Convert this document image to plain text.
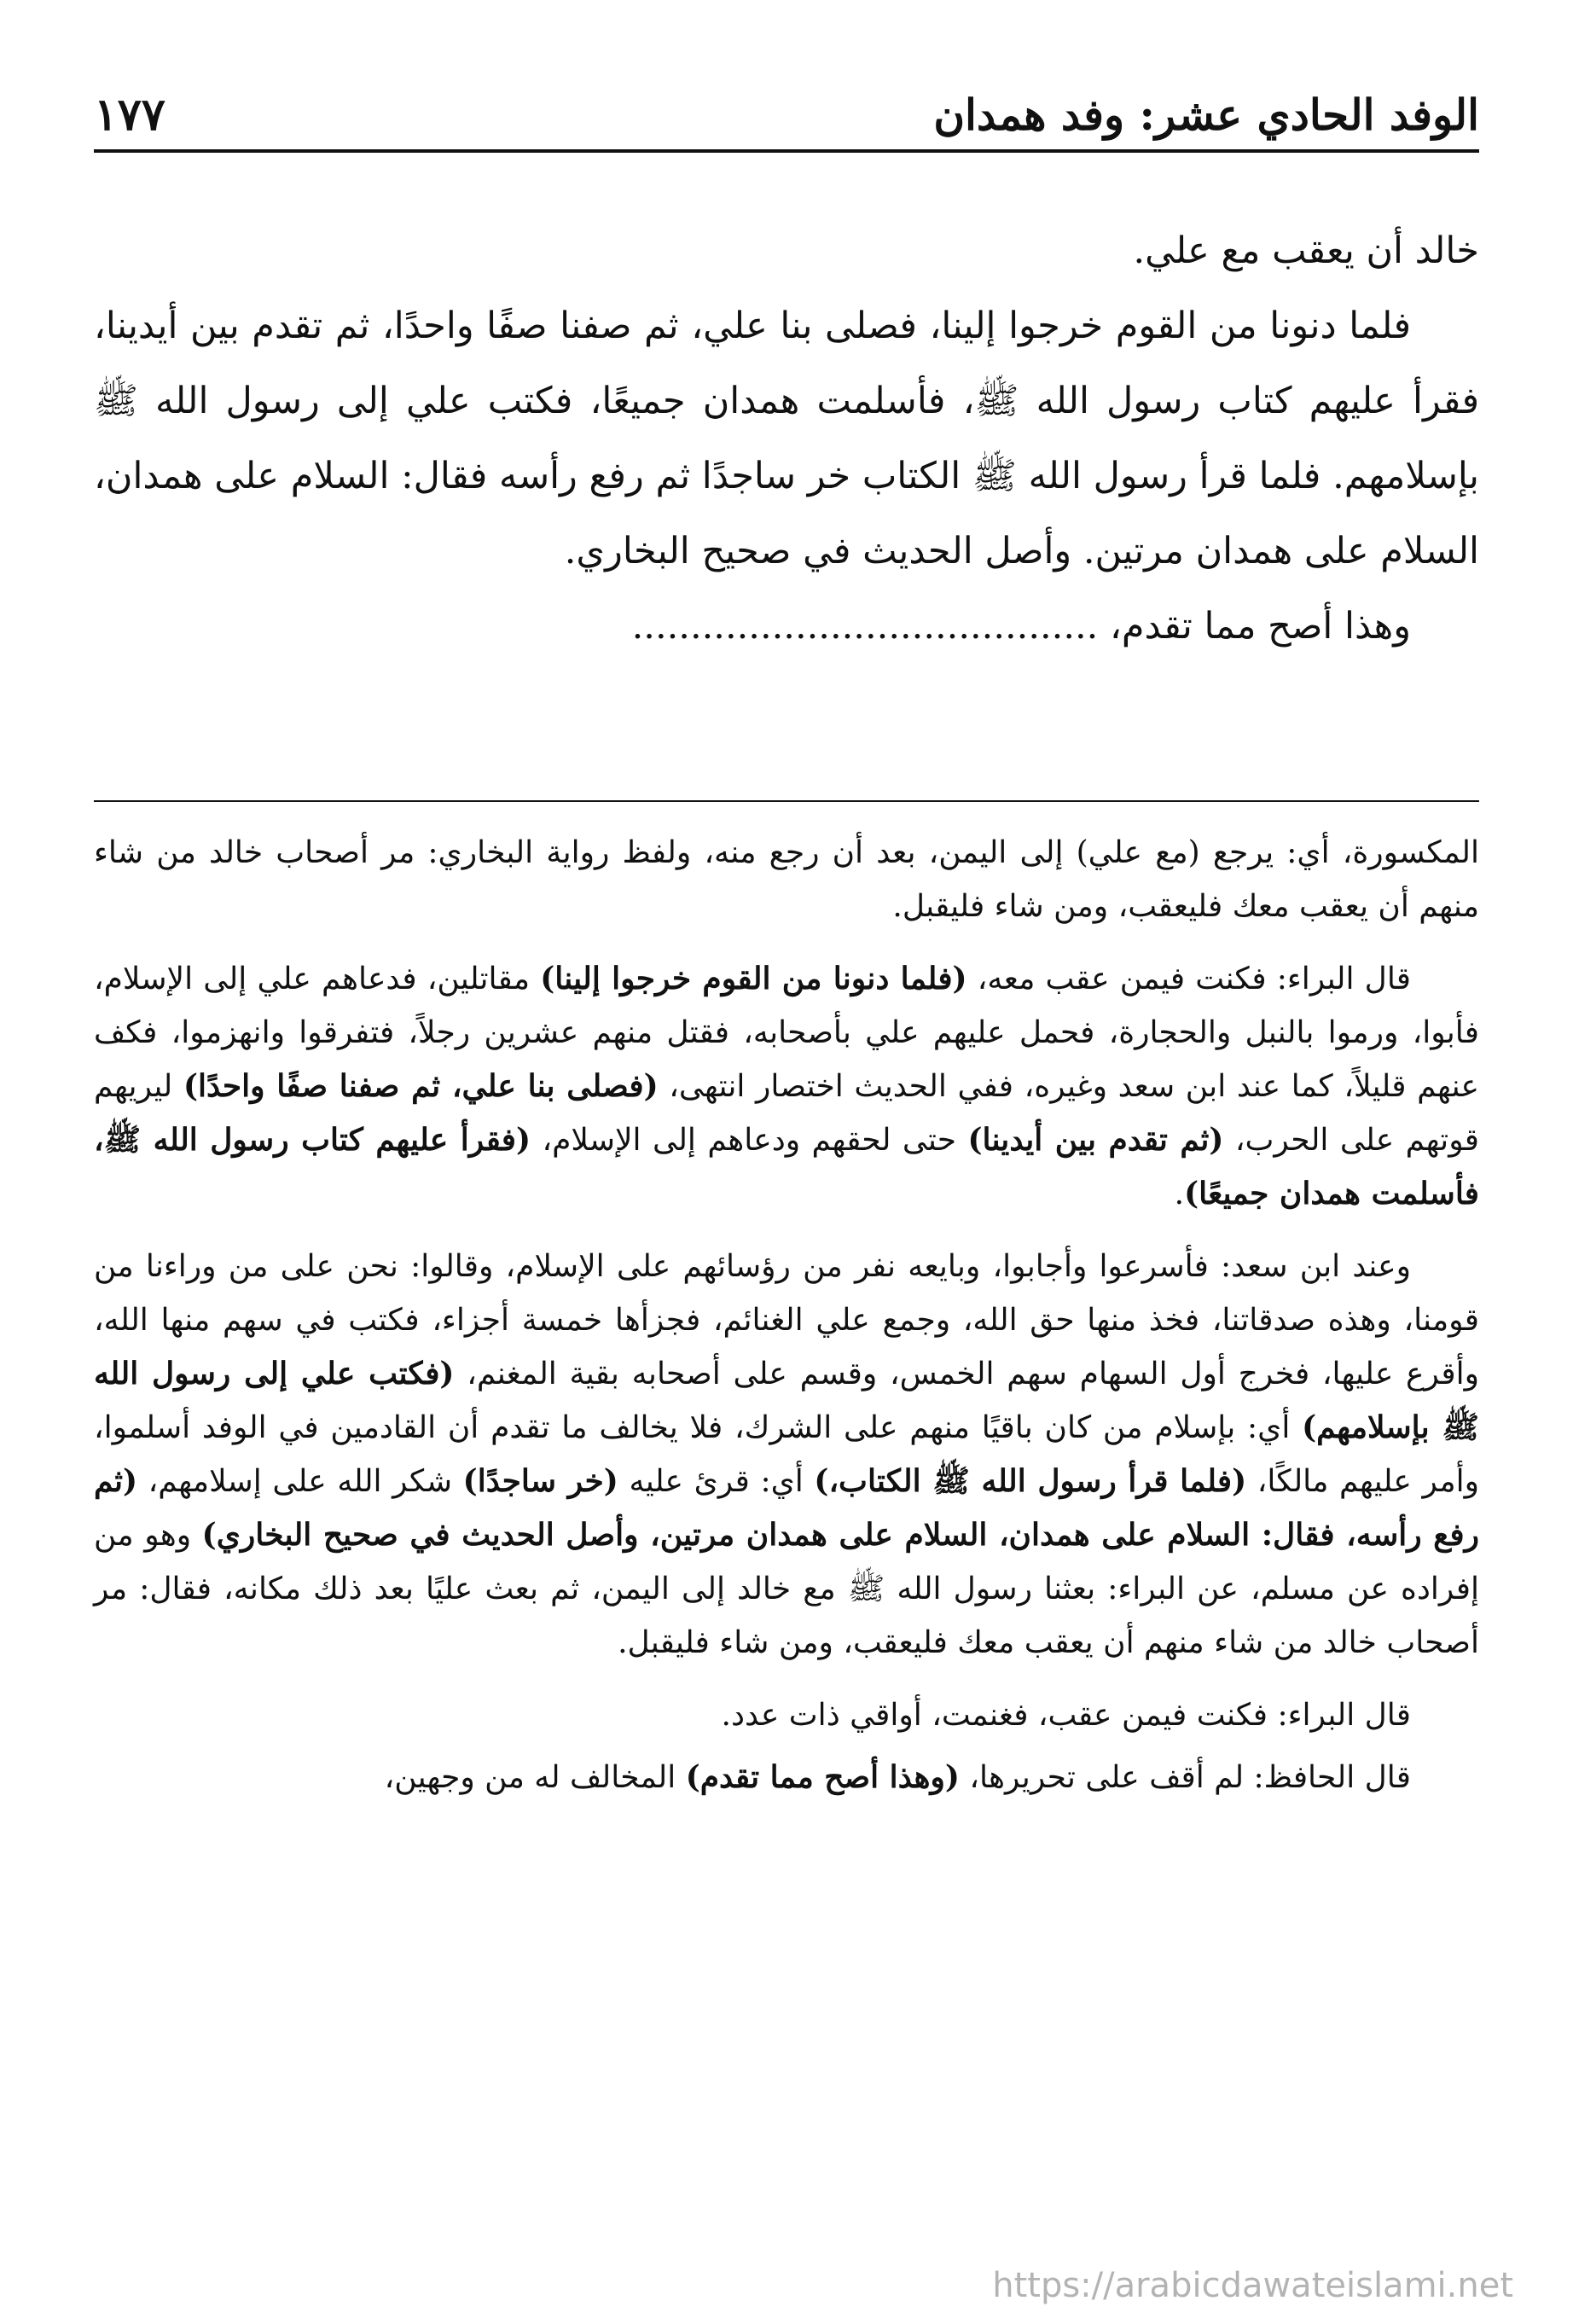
الوفد الحادي عشر: وفد همدان
١٧٧

خالد أن يعقب مع علي.

فلما دنونا من القوم خرجوا إلينا، فصلى بنا علي، ثم صفنا صفًا واحدًا، ثم تقدم بين أيدينا، فقرأ عليهم كتاب رسول الله ﷺ، فأسلمت همدان جميعًا، فكتب علي إلى رسول الله ﷺ بإسلامهم. فلما قرأ رسول الله ﷺ الكتاب خر ساجدًا ثم رفع رأسه فقال: السلام على همدان، السلام على همدان مرتين. وأصل الحديث في صحيح البخاري.

وهذا أصح مما تقدم، ........................................

المكسورة، أي: يرجع (مع علي) إلى اليمن، بعد أن رجع منه، ولفظ رواية البخاري: مر أصحاب خالد من شاء منهم أن يعقب معك فليعقب، ومن شاء فليقبل.

قال البراء: فكنت فيمن عقب معه، (فلما دنونا من القوم خرجوا إلينا) مقاتلين، فدعاهم علي إلى الإسلام، فأبوا، ورموا بالنبل والحجارة، فحمل عليهم علي بأصحابه، فقتل منهم عشرين رجلاً، فتفرقوا وانهزموا، فكف عنهم قليلاً، كما عند ابن سعد وغيره، ففي الحديث اختصار انتهى، (فصلى بنا علي، ثم صفنا صفًا واحدًا) ليريهم قوتهم على الحرب، (ثم تقدم بين أيدينا) حتى لحقهم ودعاهم إلى الإسلام، (فقرأ عليهم كتاب رسول الله ﷺ، فأسلمت همدان جميعًا).

وعند ابن سعد: فأسرعوا وأجابوا، وبايعه نفر من رؤسائهم على الإسلام، وقالوا: نحن على من وراءنا من قومنا، وهذه صدقاتنا، فخذ منها حق الله، وجمع علي الغنائم، فجزأها خمسة أجزاء، فكتب في سهم منها الله، وأقرع عليها، فخرج أول السهام سهم الخمس، وقسم على أصحابه بقية المغنم، (فكتب علي إلى رسول الله ﷺ بإسلامهم) أي: بإسلام من كان باقيًا منهم على الشرك، فلا يخالف ما تقدم أن القادمين في الوفد أسلموا، وأمر عليهم مالكًا، (فلما قرأ رسول الله ﷺ الكتاب،) أي: قرئ عليه (خر ساجدًا) شكر الله على إسلامهم، (ثم رفع رأسه، فقال: السلام على همدان، السلام على همدان مرتين، وأصل الحديث في صحيح البخاري) وهو من إفراده عن مسلم، عن البراء: بعثنا رسول الله ﷺ مع خالد إلى اليمن، ثم بعث عليًا بعد ذلك مكانه، فقال: مر أصحاب خالد من شاء منهم أن يعقب معك فليعقب، ومن شاء فليقبل.

قال البراء: فكنت فيمن عقب، فغنمت، أواقي ذات عدد.

قال الحافظ: لم أقف على تحريرها، (وهذا أصح مما تقدم) المخالف له من وجهين،

https://arabicdawateislami.net
